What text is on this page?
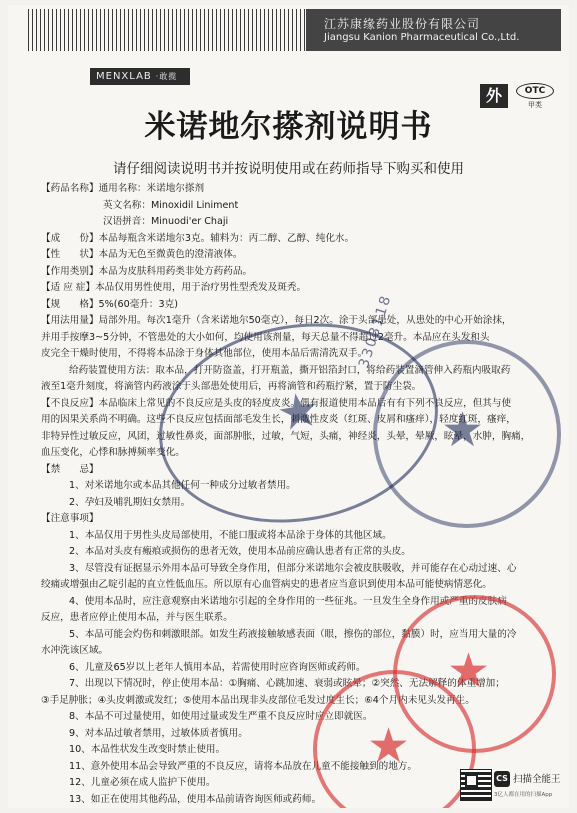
江苏康缘药业股份有限公司
Jiangsu Kanion Pharmaceutical Co.,Ltd.
MENXLAB ·敢揽
外	OTC
甲类
米诺地尔搽剂说明书
请仔细阅读说明书并按说明使用或在药师指导下购买和使用

【药品名称】通用名称：米诺地尔搽剂

英文名称：Minoxidil Liniment

汉语拼音：Minuodi'er Chaji

【成　　份】本品每瓶含米诺地尔3克。辅料为：丙二醇、乙醇、纯化水。

【性　　状】本品为无色至微黄色的澄清液体。

【作用类别】本品为皮肤科用药类非处方药药品。

【适 应 症】本品仅用男性使用，用于治疗男性型秃发及斑秃。

【规　　格】5%(60毫升：3克)

【用法用量】局部外用。每次1毫升（含米诺地尔50毫克），每日2次。涂于头部患处，从患处的中心开始涂抹，

并用手按摩3~5分钟，不管患处的大小如何，均使用该剂量，每天总量不得超过2毫升。本品应在头发和头

皮完全干燥时使用，不得将本品涂于身体其他部位，使用本品后需清洗双手。

给药装置使用方法：取本品，打开防盗盖，打开瓶盖，撕开铝箔封口，将给药装置滴管伸入药瓶内吸取药

液至1毫升刻度，将滴管内药液涂于头部患处使用后，再将滴管和药瓶拧紧，置于防尘袋。

【不良反应】本品临床上常见的不良反应是头皮的轻度皮炎。偶有报道使用本品后有有下列不良反应，但其与使

用的因果关系尚不明确。这些不良反应包括面部毛发生长，刺激性皮炎（红斑、皮屑和瘙痒），轻度红斑，瘙痒，

非特异性过敏反应，风团，过敏性鼻炎，面部肿胀，过敏，气短，头痛，神经炎，头晕，晕厥，眩晕，水肿，胸痛，

血压变化，心悸和脉搏频率变化。

【禁　　忌】

1、对米诺地尔或本品其他任何一种成分过敏者禁用。

2、孕妇及哺乳期妇女禁用。

【注意事项】

1、本品仅用于男性头皮局部使用，不能口服或将本品涂于身体的其他区域。

2、本品对头皮有瘢痕或损伤的患者无效，使用本品前应确认患者有正常的头皮。

3、尽管没有证据显示外用本品可导致全身作用，但部分米诺地尔会被皮肤吸收，并可能存在心动过速、心

绞痛或增强由乙啶引起的直立性低血压。所以原有心血管病史的患者应当意识到使用本品可能使病情恶化。

4、使用本品时，应注意观察由米诺地尔引起的全身作用的一些征兆。一旦发生全身作用或严重的皮肤病

反应，患者应停止使用本品，并与医生联系。

5、本品可能会灼伤和刺激眼部。如发生药液接触敏感表面（眼，擦伤的部位，黏膜）时，应当用大量的冷

水冲洗该区域。

6、儿童及65岁以上老年人慎用本品，若需使用时应咨询医师或药师。

7、出现以下情况时，停止使用本品：①胸痛、心跳加速、衰弱或眩晕；②突然、无法解释的体重增加；

③手足肿胀；④头皮刺激或发红；⑤使用本品出现非头皮部位毛发过度生长；⑥4个月内未见头发再生。

8、本品不可过量使用，如使用过量或发生严重不良反应时应立即就医。

9、对本品过敏者禁用，过敏体质者慎用。

10、本品性状发生改变时禁止使用。

11、意外使用本品会导致严重的不良反应，请将本品放在儿童不能接触到的地方。

12、儿童必须在成人监护下使用。

13、如正在使用其他药品，使用本品前请咨询医师或药师。

★ ★
3303118
★
★
CS 扫描全能王
3亿人都在用的扫描App
